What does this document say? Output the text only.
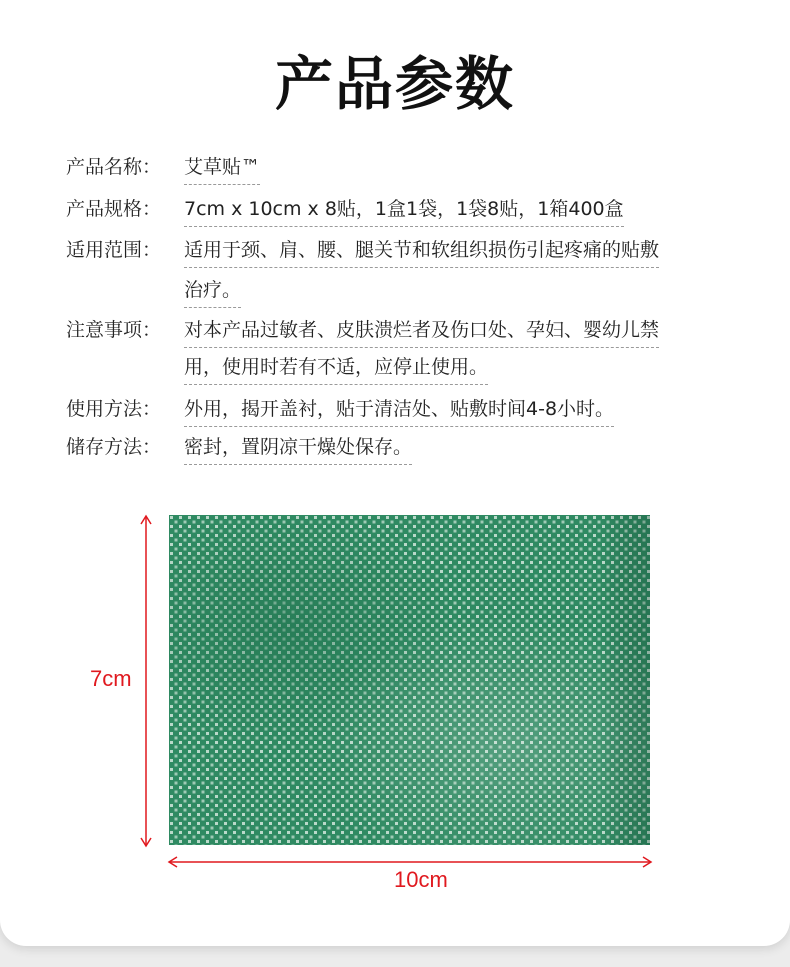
产品参数
产品名称：	艾草贴™
产品规格：	7cm x 10cm x 8贴，1盒1袋，1袋8贴，1箱400盒
适用范围：	适用于颈、肩、腰、腿关节和软组织损伤引起疼痛的贴敷
治疗。
注意事项：	对本产品过敏者、皮肤溃烂者及伤口处、孕妇、婴幼儿禁
用，使用时若有不适，应停止使用。
使用方法：	外用，揭开盖衬，贴于清洁处、贴敷时间4-8小时。
储存方法：	密封，置阴凉干燥处保存。
7cm
10cm
